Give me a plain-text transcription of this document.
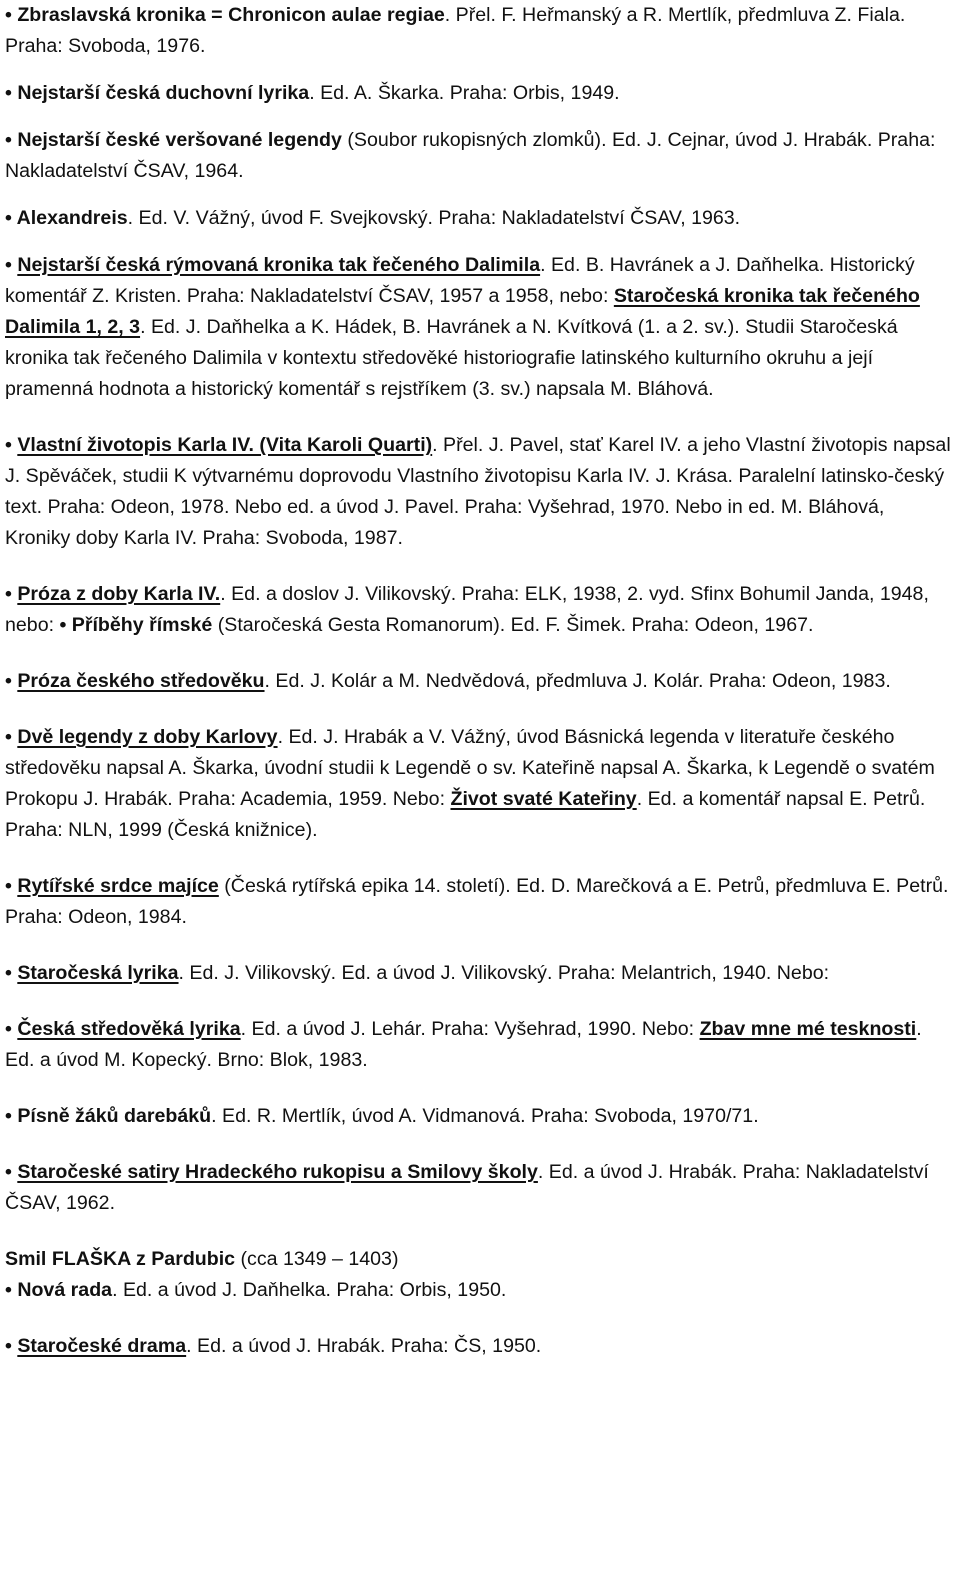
• Zbraslavská kronika = Chronicon aulae regiae. Přel. F. Heřmanský a R. Mertlík, předmluva Z. Fiala. Praha: Svoboda, 1976.

• Nejstarší česká duchovní lyrika. Ed. A. Škarka. Praha: Orbis, 1949.

• Nejstarší české veršované legendy (Soubor rukopisných zlomků). Ed. J. Cejnar, úvod J. Hrabák. Praha: Nakladatelství ČSAV, 1964.

• Alexandreis. Ed. V. Vážný, úvod F. Svejkovský. Praha: Nakladatelství ČSAV, 1963.

• Nejstarší česká rýmovaná kronika tak řečeného Dalimila. Ed. B. Havránek a J. Daňhelka. Historický komentář Z. Kristen. Praha: Nakladatelství ČSAV, 1957 a 1958, nebo: Staročeská kronika tak řečeného Dalimila 1, 2, 3. Ed. J. Daňhelka a K. Hádek, B. Havránek a N. Kvítková (1. a 2. sv.). Studii Staročeská kronika tak řečeného Dalimila v kontextu středověké historiografie latinského kulturního okruhu a její pramenná hodnota a historický komentář s rejstříkem (3. sv.) napsala M. Bláhová.

• Vlastní životopis Karla IV. (Vita Karoli Quarti). Přel. J. Pavel, stať Karel IV. a jeho Vlastní životopis napsal J. Spěváček, studii K výtvarnému doprovodu Vlastního životopisu Karla IV. J. Krása. Paralelní latinsko-český text. Praha: Odeon, 1978. Nebo ed. a úvod J. Pavel. Praha: Vyšehrad, 1970. Nebo in ed. M. Bláhová, Kroniky doby Karla IV. Praha: Svoboda, 1987.

• Próza z doby Karla IV.. Ed. a doslov J. Vilikovský. Praha: ELK, 1938, 2. vyd. Sfinx Bohumil Janda, 1948, nebo: • Příběhy římské (Staročeská Gesta Romanorum). Ed. F. Šimek. Praha: Odeon, 1967.

• Próza českého středověku. Ed. J. Kolár a M. Nedvědová, předmluva J. Kolár. Praha: Odeon, 1983.

• Dvě legendy z doby Karlovy. Ed. J. Hrabák a V. Vážný, úvod Básnická legenda v literatuře českého středověku napsal A. Škarka, úvodní studii k Legendě o sv. Kateřině napsal A. Škarka, k Legendě o svatém Prokopu J. Hrabák. Praha: Academia, 1959. Nebo: Život svaté Kateřiny. Ed. a komentář napsal E. Petrů. Praha: NLN, 1999 (Česká knižnice).

• Rytířské srdce majíce (Česká rytířská epika 14. století). Ed. D. Marečková a E. Petrů, předmluva E. Petrů. Praha: Odeon, 1984.

• Staročeská lyrika. Ed. J. Vilikovský. Ed. a úvod J. Vilikovský. Praha: Melantrich, 1940. Nebo:

• Česká středověká lyrika. Ed. a úvod J. Lehár. Praha: Vyšehrad, 1990. Nebo: Zbav mne mé tesknosti. Ed. a úvod M. Kopecký. Brno: Blok, 1983.

• Písně žáků darebáků. Ed. R. Mertlík, úvod A. Vidmanová. Praha: Svoboda, 1970/71.

• Staročeské satiry Hradeckého rukopisu a Smilovy školy. Ed. a úvod J. Hrabák. Praha: Nakladatelství ČSAV, 1962.

Smil FLAŠKA z Pardubic (cca 1349 – 1403)

• Nová rada. Ed. a úvod J. Daňhelka. Praha: Orbis, 1950.

• Staročeské drama. Ed. a úvod J. Hrabák. Praha: ČS, 1950.
